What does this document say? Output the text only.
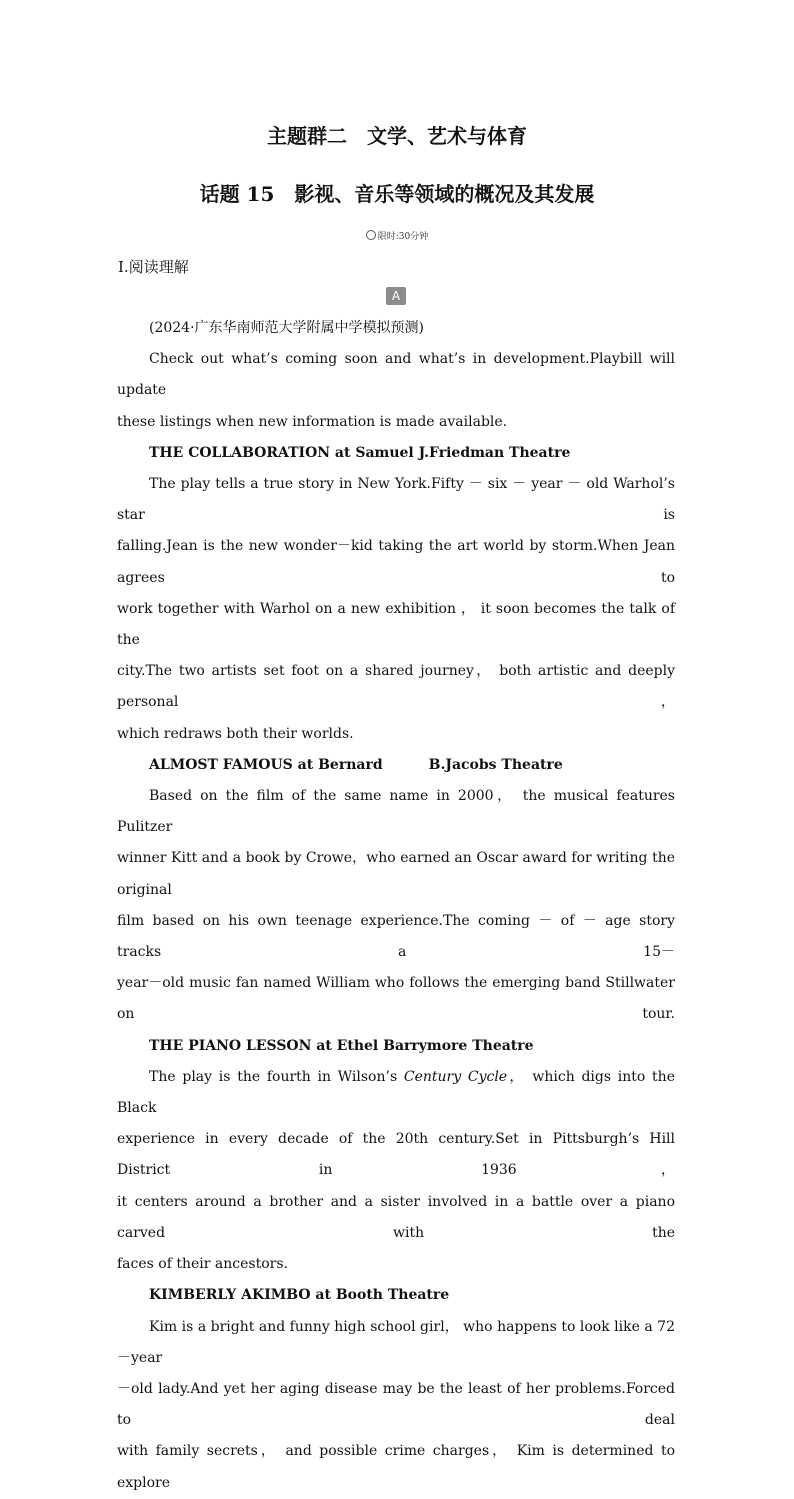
主题群二　文学、艺术与体育
话题 15　影视、音乐等领域的概况及其发展
限时:30分钟
Ⅰ.阅读理解
A

(2024·广东华南师范大学附属中学模拟预测)

Check out what’s coming soon and what’s in development.Playbill will update

these listings when new information is made available.

THE COLLABORATION at Samuel J.Friedman Theatre

The play tells a true story in New York.Fifty － six － year － old Warhol’s star is

falling.Jean is the new wonder－kid taking the art world by storm.When Jean agrees to

work together with Warhol on a new exhibition ， it soon becomes the talk of the

city.The two artists set foot on a shared journey， both artistic and deeply personal，

which redraws both their worlds.

ALMOST FAMOUS at Bernard	B.Jacobs Theatre

Based on the film of the same name in 2000， the musical features Pulitzer

winner Kitt and a book by Crowe，who earned an Oscar award for writing the original

film based on his own teenage experience.The coming － of － age story tracks a 15－

year－old music fan named William who follows the emerging band Stillwater on tour.

THE PIANO LESSON at Ethel Barrymore Theatre

The play is the fourth in Wilson’s Century Cycle， which digs into the Black

experience in every decade of the 20th century.Set in Pittsburgh’s Hill District in 1936，

it centers around a brother and a sister involved in a battle over a piano carved with the

faces of their ancestors.

KIMBERLY AKIMBO at Booth Theatre

Kim is a bright and funny high school girl， who happens to look like a 72－year

－old lady.And yet her aging disease may be the least of her problems.Forced to deal

with family secrets， and possible crime charges， Kim is determined to explore
